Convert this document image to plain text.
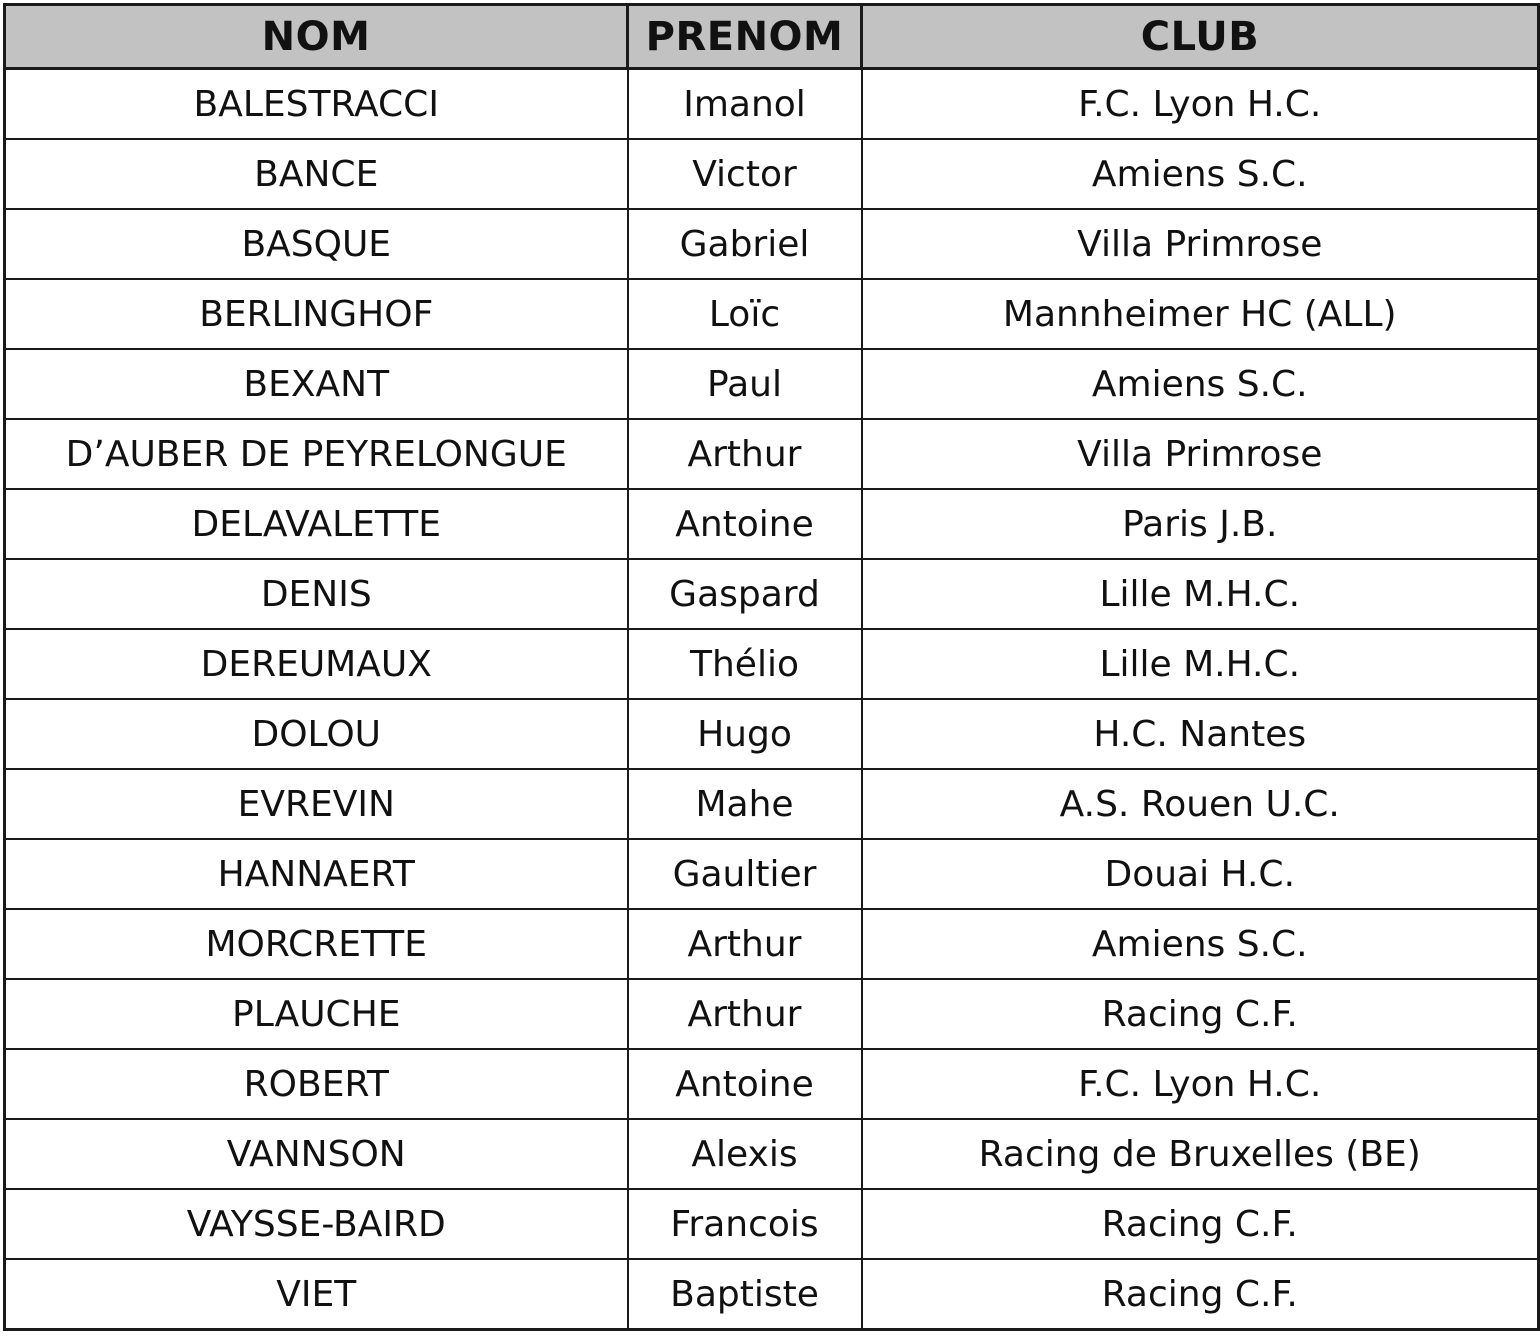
NOM	PRENOM	CLUB
BALESTRACCI	Imanol	F.C. Lyon H.C.
BANCE	Victor	Amiens S.C.
BASQUE	Gabriel	Villa Primrose
BERLINGHOF	Loïc	Mannheimer HC (ALL)
BEXANT	Paul	Amiens S.C.
D’AUBER DE PEYRELONGUE	Arthur	Villa Primrose
DELAVALETTE	Antoine	Paris J.B.
DENIS	Gaspard	Lille M.H.C.
DEREUMAUX	Thélio	Lille M.H.C.
DOLOU	Hugo	H.C. Nantes
EVREVIN	Mahe	A.S. Rouen U.C.
HANNAERT	Gaultier	Douai H.C.
MORCRETTE	Arthur	Amiens S.C.
PLAUCHE	Arthur	Racing C.F.
ROBERT	Antoine	F.C. Lyon H.C.
VANNSON	Alexis	Racing de Bruxelles (BE)
VAYSSE-BAIRD	Francois	Racing C.F.
VIET	Baptiste	Racing C.F.
